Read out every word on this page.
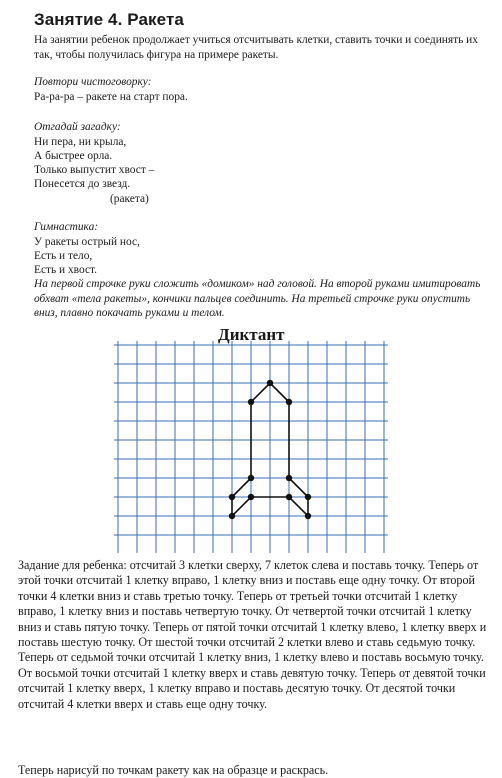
Занятие 4. Ракета
На занятии ребенок продолжает учиться отсчитывать клетки, ставить точки и соединять их так, чтобы получилась фигура на примере ракеты.
Повтори чистоговорку:
Ра-ра-ра – ракете на старт пора.
Отгадай загадку:
Ни пера, ни крыла,
А быстрее орла.
Только выпустит хвост –
Понесется до звезд.
(ракета)
Гимнастика:
У ракеты острый нос,
Есть и тело,
Есть и хвост.
На первой строчке руки сложить «домиком» над головой. На второй руками имитировать обхват «тела ракеты», кончики пальцев соединить. На третьей строчке руки опустить вниз, плавно покачать руками и телом.
Диктант
Задание для ребенка: отсчитай 3 клетки сверху, 7 клеток слева и поставь точку. Теперь от этой точки отсчитай 1 клетку вправо, 1 клетку вниз и поставь еще одну точку. От второй точки 4 клетки вниз и ставь третью точку. Теперь от третьей точки отсчитай 1 клетку вправо, 1 клетку вниз и поставь четвертую точку. От четвертой точки отсчитай 1 клетку вниз и ставь пятую точку. Теперь от пятой точки отсчитай 1 клетку влево, 1 клетку вверх и поставь шестую точку. От шестой точки отсчитай 2 клетки влево и ставь седьмую точку. Теперь от седьмой точки отсчитай 1 клетку вниз, 1 клетку влево и поставь восьмую точку. От восьмой точки отсчитай 1 клетку вверх и ставь девятую точку. Теперь от девятой точки отсчитай 1 клетку вверх, 1 клетку вправо и поставь десятую точку. От десятой точки отсчитай 4 клетки вверх и ставь еще одну точку.
Теперь нарисуй по точкам ракету как на образце и раскрась.
